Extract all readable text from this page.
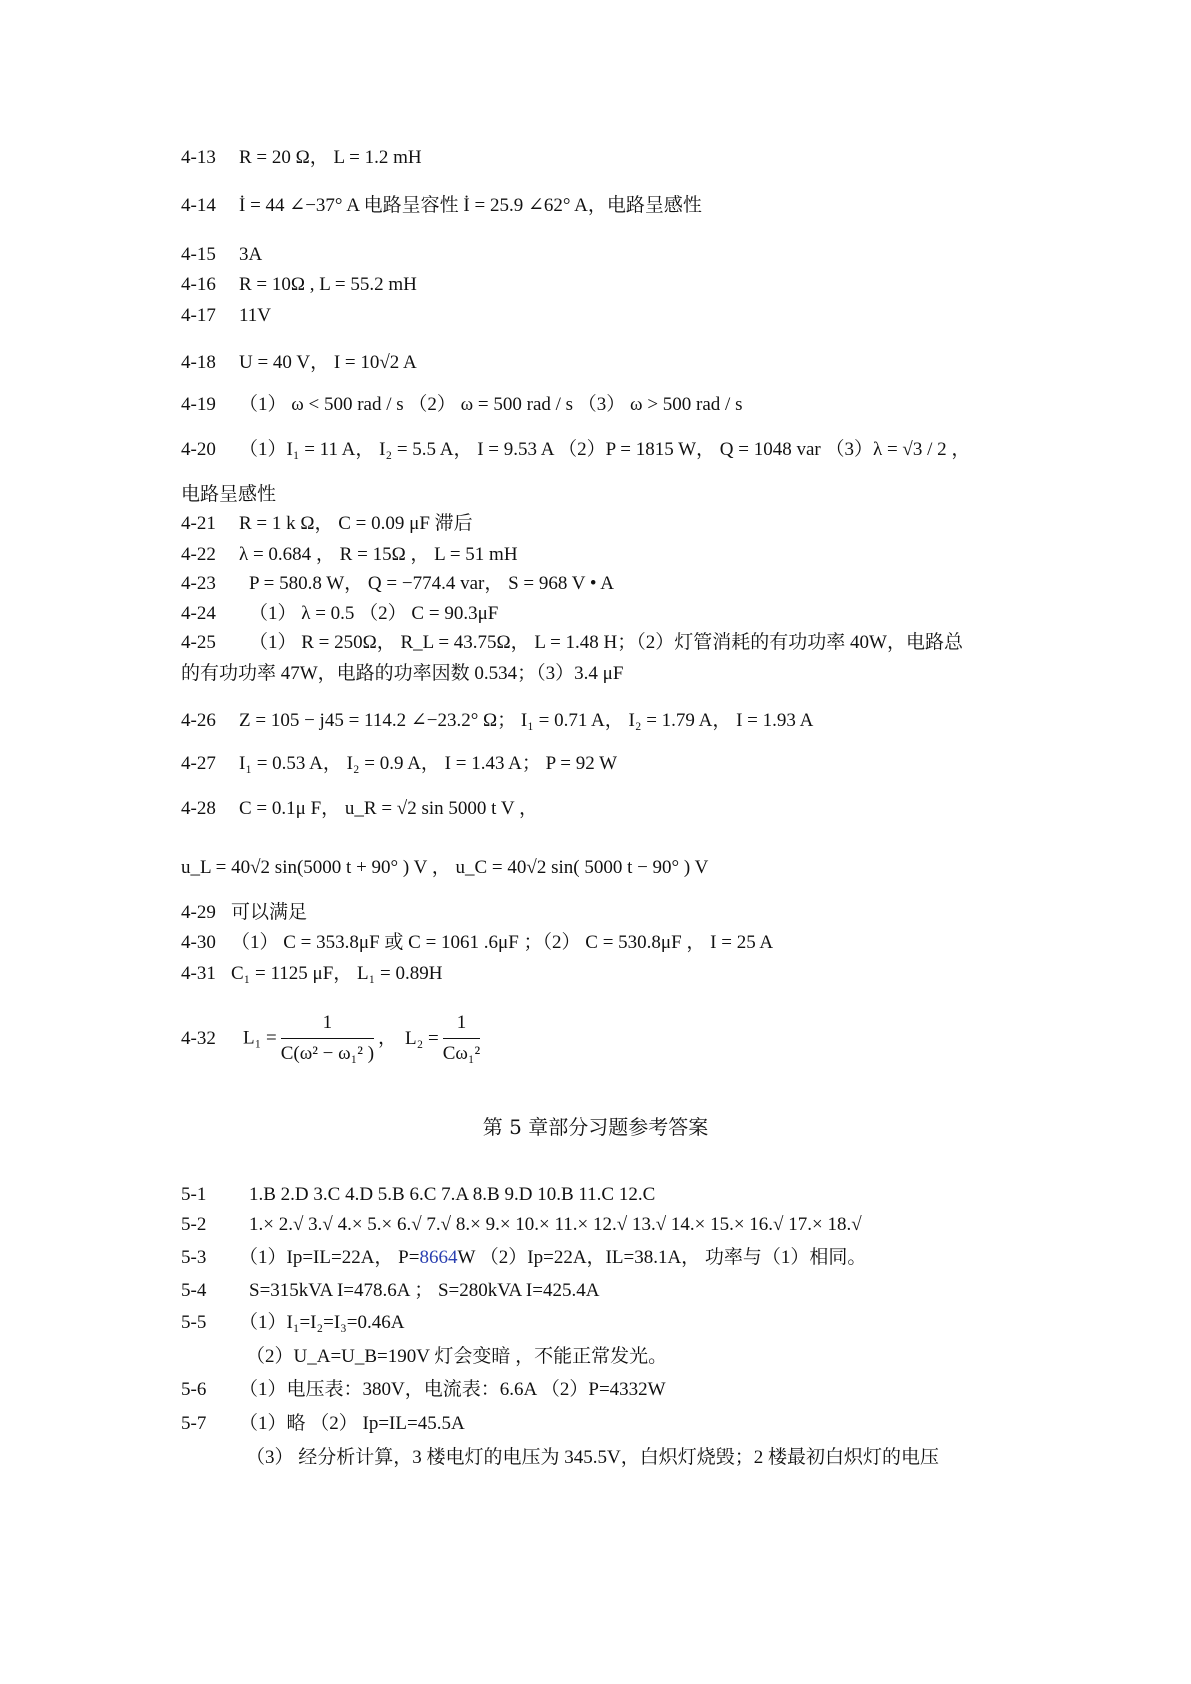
4-13 R = 20 Ω， L = 1.2 mH
4-14 İ = 44 ∠−37° A 电路呈容性 İ = 25.9 ∠62° A，电路呈感性
4-15 3A
4-16 R = 10Ω , L = 55.2 mH
4-17 11V
4-18 U = 40 V， I = 10√2 A
4-19 （1） ω < 500 rad / s （2） ω = 500 rad / s （3） ω > 500 rad / s
4-20 （1）I₁ = 11 A， I₂ = 5.5 A， I = 9.53 A （2）P = 1815 W， Q = 1048 var （3）λ = √3 / 2 ，
电路呈感性
4-21 R = 1 k Ω， C = 0.09 μF 滞后
4-22 λ = 0.684 ， R = 15Ω ， L = 51 mH
4-23 P = 580.8 W， Q = −774.4 var， S = 968 V • A
4-24 （1） λ = 0.5 （2） C = 90.3μF
4-25 （1） R = 250Ω， R_L = 43.75Ω， L = 1.48 H；（2）灯管消耗的有功功率 40W，电路总
的有功功率 47W，电路的功率因数 0.534；（3）3.4 μF
4-26 Z = 105 − j45 = 114.2 ∠−23.2° Ω； I₁ = 0.71 A， I₂ = 1.79 A， I = 1.93 A
4-27 I₁ = 0.53 A， I₂ = 0.9 A， I = 1.43 A； P = 92 W
4-28 C = 0.1μ F， u_R = √2 sin 5000 t V ，
u_L = 40√2 sin(5000 t + 90° ) V ， u_C = 40√2 sin( 5000 t − 90° ) V
4-29 可以满足
4-30 （1） C = 353.8μF 或 C = 1061 .6μF ；（2） C = 530.8μF ， I = 25 A
4-31 C₁ = 1125 μF， L₁ = 0.89H
4-32 $L_1 = \frac{1}{\text{C(ω² − ω₁² )}}$ ， $L_2 = \frac{1}{\text{Cω₁²}}$
第 5 章部分习题参考答案
5-1 1.B 2.D 3.C 4.D 5.B 6.C 7.A 8.B 9.D 10.B 11.C 12.C
5-2 1.× 2.√ 3.√ 4.× 5.× 6.√ 7.√ 8.× 9.× 10.× 11.× 12.√ 13.√ 14.× 15.× 16.√ 17.× 18.√
5-3 （1）Ip=IL=22A， P=8664W （2）Ip=22A，IL=38.1A， 功率与（1）相同。
5-4 S=315kVA I=478.6A ； S=280kVA I=425.4A
5-5 （1）I₁=I₂=I₃=0.46A
（2）U_A=U_B=190V 灯会变暗 ，不能正常发光。
5-6 （1）电压表：380V，电流表：6.6A （2）P=4332W
5-7 （1）略 （2） Ip=IL=45.5A
（3） 经分析计算，3 楼电灯的电压为 345.5V，白炽灯烧毁；2 楼最初白炽灯的电压
